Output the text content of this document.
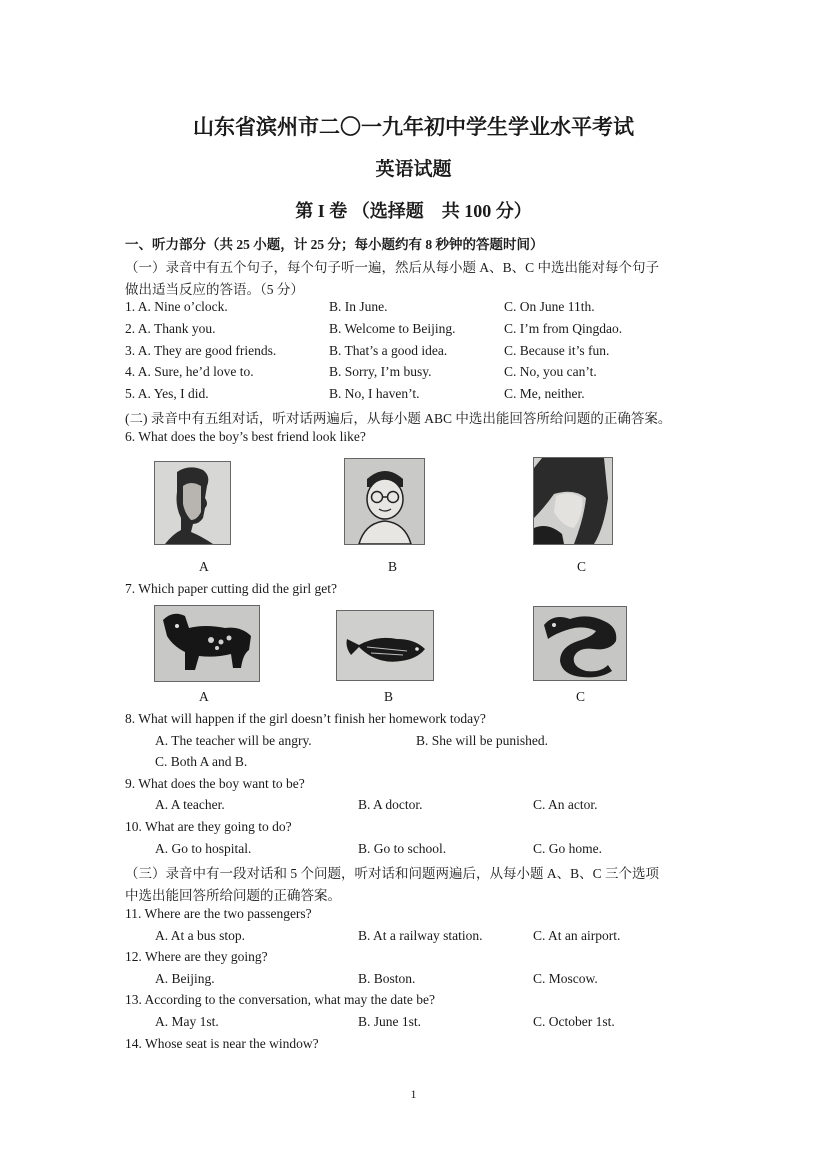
山东省滨州市二〇一九年初中学生学业水平考试
英语试题
第 I 卷 （选择题　共 100 分）
一、听力部分（共 25 小题，计 25 分；每小题约有 8 秒钟的答题时间）
（一）录音中有五个句子，每个句子听一遍，然后从每小题 A、B、C 中选出能对每个句子
做出适当反应的答语。（5 分）
1. A. Nine o’clock.	B. In June.	C. On June 11th.
2. A. Thank you.	B. Welcome to Beijing.	C. I’m from Qingdao.
3. A. They are good friends.	B. That’s a good idea.	C. Because it’s fun.
4. A. Sure, he’d love to.	B. Sorry, I’m busy.	C. No, you can’t.
5. A. Yes, I did.	B. No, I haven’t.	C. Me, neither.
(二) 录音中有五组对话，听对话两遍后，从每小题 ABC 中选出能回答所给问题的正确答案。
6. What does the boy’s best friend look like?
A	B	C
7. Which paper cutting did the girl get?
A	B	C
8. What will happen if the girl doesn’t finish her homework today?
A. The teacher will be angry.	B. She will be punished.
C. Both A and B.
9. What does the boy want to be?
A. A teacher.	B. A doctor.	C. An actor.
10. What are they going to do?
A. Go to hospital.	B. Go to school.	C. Go home.
（三）录音中有一段对话和 5 个问题，听对话和问题两遍后，从每小题 A、B、C 三个选项
中选出能回答所给问题的正确答案。
11. Where are the two passengers?
A. At a bus stop.	B. At a railway station.	C. At an airport.
12. Where are they going?
A. Beijing.	B. Boston.	C. Moscow.
13. According to the conversation, what may the date be?
A. May 1st.	B. June 1st.	C. October 1st.
14. Whose seat is near the window?
1
